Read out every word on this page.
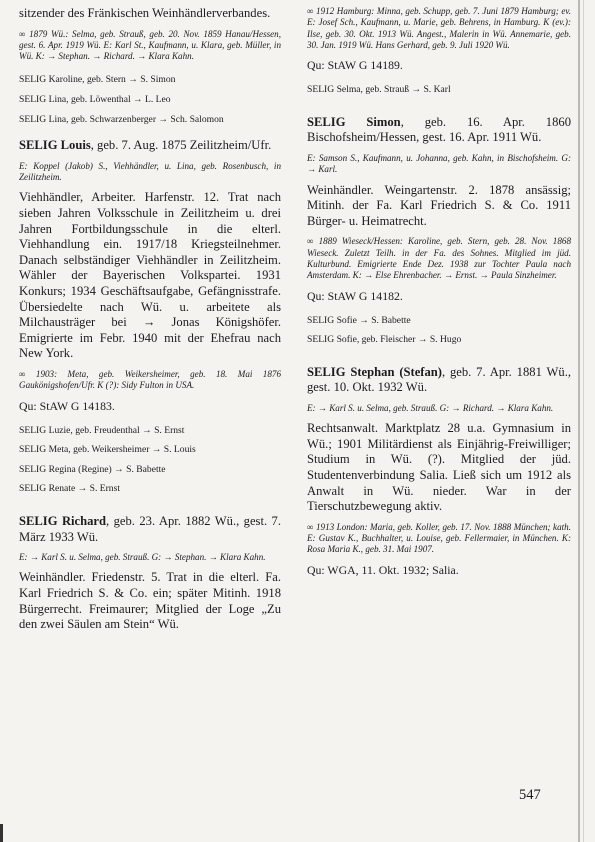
sitzender des Fränkischen Weinhändlerverbandes.

∞ 1879 Wü.: Selma, geb. Strauß, geb. 20. Nov. 1859 Hanau/Hessen, gest. 6. Apr. 1919 Wü. E: Karl St., Kaufmann, u. Klara, geb. Müller, in Wü. K: → Stephan. → Richard. → Klara Kahn.

SELIG Karoline, geb. Stern → S. Simon

SELIG Lina, geb. Löwenthal → L. Leo

SELIG Lina, geb. Schwarzenberger → Sch. Salomon

SELIG Louis, geb. 7. Aug. 1875 Zeilitzheim/Ufr.

E: Koppel (Jakob) S., Viehhändler, u. Lina, geb. Rosenbusch, in Zeilitzheim.

Viehhändler, Arbeiter. Harfenstr. 12. Trat nach sieben Jahren Volksschule in Zeilitzheim u. drei Jahren Fortbildungsschule in die elterl. Viehhandlung ein. 1917/18 Kriegsteilnehmer. Danach selbständiger Viehhändler in Zeilitzheim. Wähler der Bayerischen Volkspartei. 1931 Konkurs; 1934 Geschäftsaufgabe, Gefängnisstrafe. Übersiedelte nach Wü. u. arbeitete als Milchausträger bei → Jonas Königshöfer. Emigrierte im Febr. 1940 mit der Ehefrau nach New York.

∞ 1903: Meta, geb. Weikersheimer, geb. 18. Mai 1876 Gaukönigshofen/Ufr. K (?): Sidy Fulton in USA.

Qu: StAW G 14183.

SELIG Luzie, geb. Freudenthal → S. Ernst

SELIG Meta, geb. Weikersheimer → S. Louis

SELIG Regina (Regine) → S. Babette

SELIG Renate → S. Ernst

SELIG Richard, geb. 23. Apr. 1882 Wü., gest. 7. März 1933 Wü.

E: → Karl S. u. Selma, geb. Strauß. G: → Stephan. → Klara Kahn.

Weinhändler. Friedenstr. 5. Trat in die elterl. Fa. Karl Friedrich S. & Co. ein; später Mitinh. 1918 Bürgerrecht. Freimaurer; Mitglied der Loge „Zu den zwei Säulen am Stein“ Wü.

∞ 1912 Hamburg: Minna, geb. Schupp, geb. 7. Juni 1879 Hamburg; ev. E: Josef Sch., Kaufmann, u. Marie, geb. Behrens, in Hamburg. K (ev.): Ilse, geb. 30. Okt. 1913 Wü. Angest., Malerin in Wü. Annemarie, geb. 30. Jan. 1919 Wü. Hans Gerhard, geb. 9. Juli 1920 Wü.

Qu: StAW G 14189.

SELIG Selma, geb. Strauß → S. Karl

SELIG Simon, geb. 16. Apr. 1860 Bischofsheim/Hessen, gest. 16. Apr. 1911 Wü.

E: Samson S., Kaufmann, u. Johanna, geb. Kahn, in Bischofsheim. G: → Karl.

Weinhändler. Weingartenstr. 2. 1878 ansässig; Mitinh. der Fa. Karl Friedrich S. & Co. 1911 Bürger- u. Heimatrecht.

∞ 1889 Wieseck/Hessen: Karoline, geb. Stern, geb. 28. Nov. 1868 Wieseck. Zuletzt Teilh. in der Fa. des Sohnes. Mitglied im jüd. Kulturbund. Emigrierte Ende Dez. 1938 zur Tochter Paula nach Amsterdam. K: → Else Ehrenbacher. → Ernst. → Paula Sinzheimer.

Qu: StAW G 14182.

SELIG Sofie → S. Babette

SELIG Sofie, geb. Fleischer → S. Hugo

SELIG Stephan (Stefan), geb. 7. Apr. 1881 Wü., gest. 10. Okt. 1932 Wü.

E: → Karl S. u. Selma, geb. Strauß. G: → Richard. → Klara Kahn.

Rechtsanwalt. Marktplatz 28 u.a. Gymnasium in Wü.; 1901 Militärdienst als Einjährig-Freiwilliger; Studium in Wü. (?). Mitglied der jüd. Studentenverbindung Salia. Ließ sich um 1912 als Anwalt in Wü. nieder. War in der Tierschutzbewegung aktiv.

∞ 1913 London: Maria, geb. Koller, geb. 17. Nov. 1888 München; kath. E: Gustav K., Buchhalter, u. Louise, geb. Fellermaier, in München. K: Rosa Maria K., geb. 31. Mai 1907.

Qu: WGA, 11. Okt. 1932; Salia.

547
